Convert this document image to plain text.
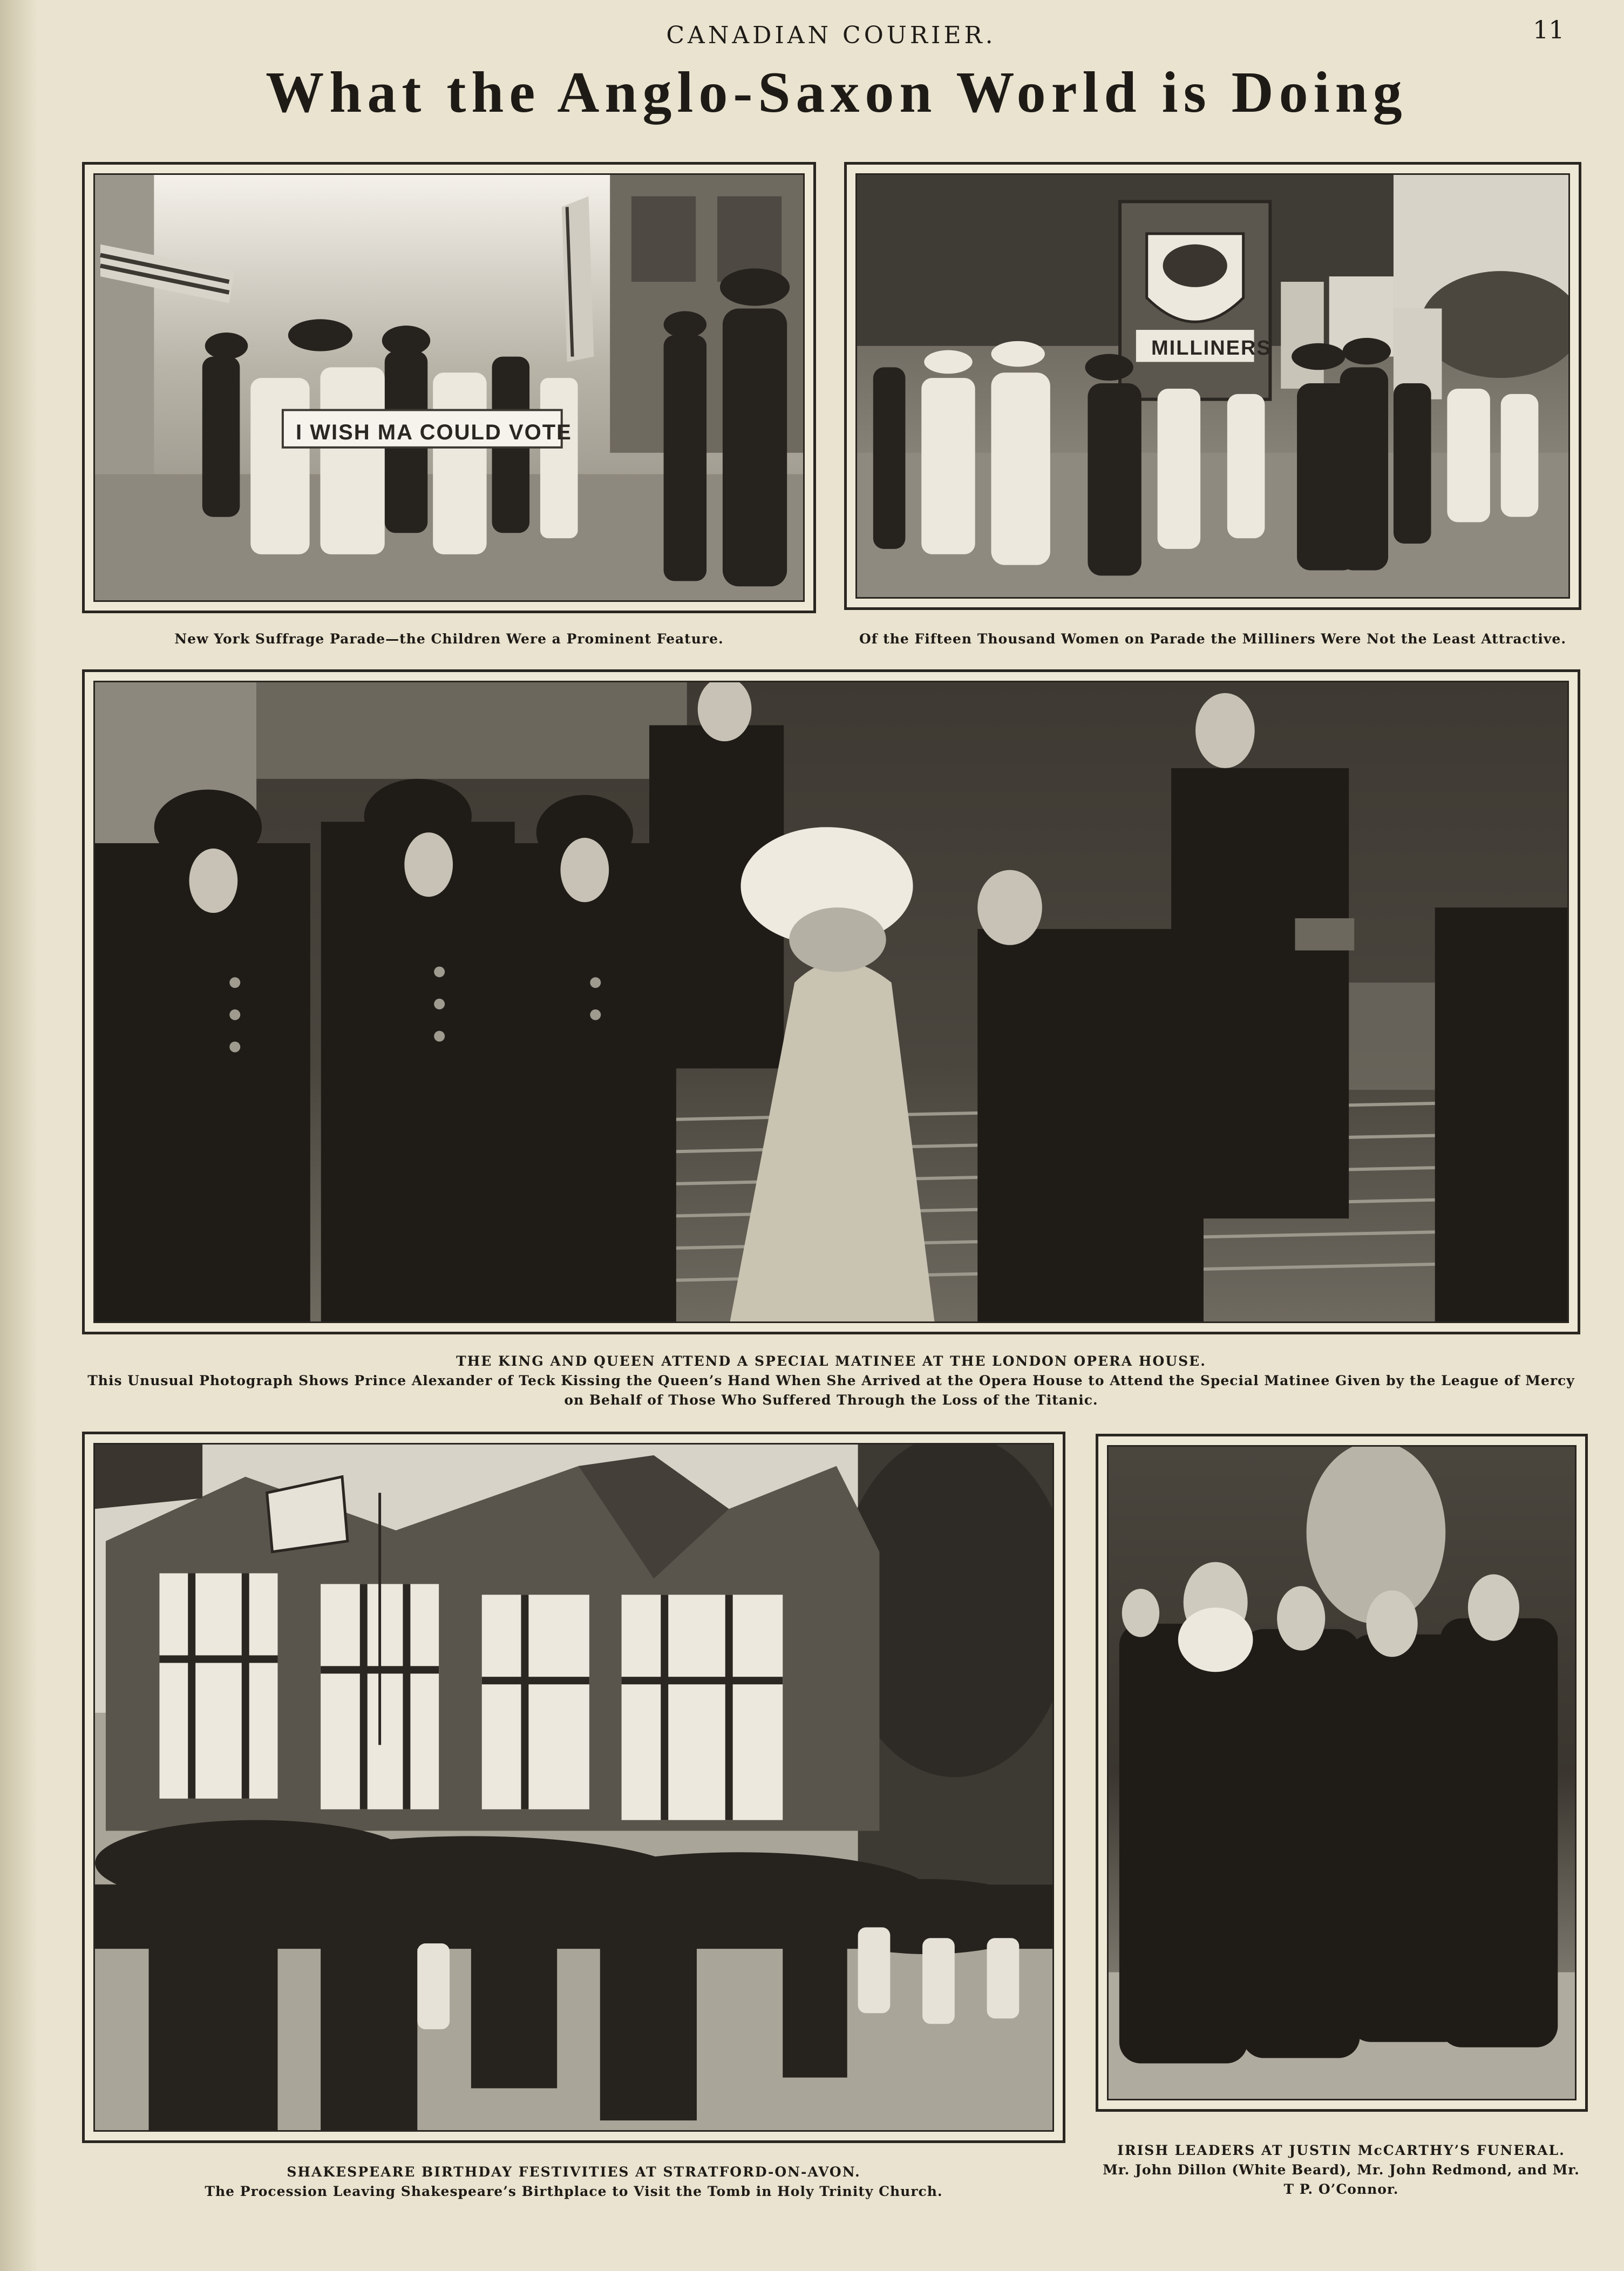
CANADIAN COURIER.	11
What the Anglo-Saxon World is Doing
I WISH MA COULD VOTE
New York Suffrage Parade—the Children Were a Prominent Feature.
MILLINERS
Of the Fifteen Thousand Women on Parade the Milliners Were Not the Least Attractive.
THE KING AND QUEEN ATTEND A SPECIAL MATINEE AT THE LONDON OPERA HOUSE.
This Unusual Photograph Shows Prince Alexander of Teck Kissing the Queen’s Hand When She Arrived at the Opera House to Attend the Special Matinee Given by the League of Mercy
on Behalf of Those Who Suffered Through the Loss of the Titanic.
SHAKESPEARE BIRTHDAY FESTIVITIES AT STRATFORD-ON-AVON.
The Procession Leaving Shakespeare’s Birthplace to Visit the Tomb in Holy Trinity Church.
IRISH LEADERS AT JUSTIN McCARTHY’S FUNERAL.
Mr. John Dillon (White Beard), Mr. John Redmond, and Mr.
T P. O’Connor.
